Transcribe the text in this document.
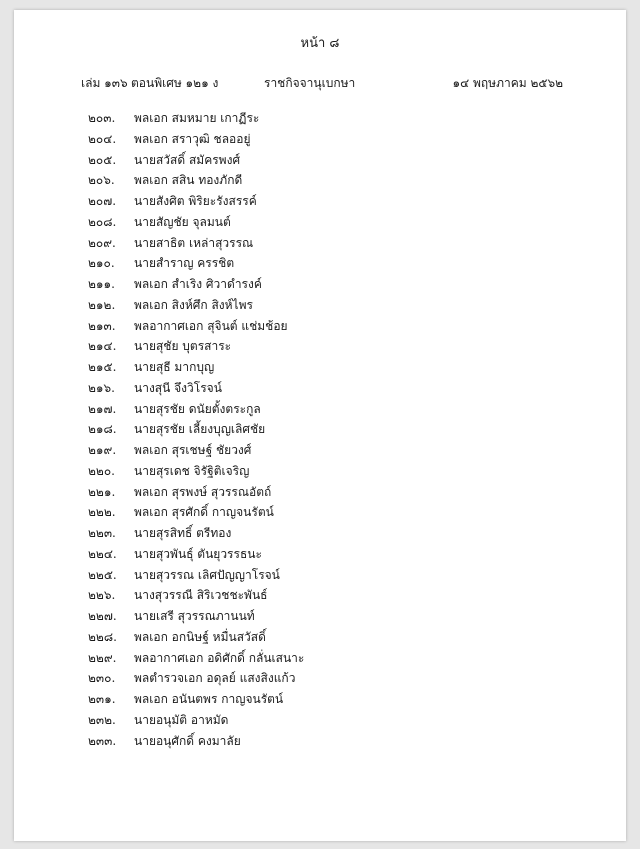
หน้า ๘
เล่ม ๑๓๖ ตอนพิเศษ ๑๒๑ ง	ราชกิจจานุเบกษา	๑๔ พฤษภาคม ๒๕๖๒
๒๐๓. พลเอก สมหมาย เกาฏีระ
๒๐๔. พลเอก สราวุฒิ ชลออยู่
๒๐๕. นายสวัสดิ์ สมัครพงศ์
๒๐๖. พลเอก สสิน ทองภักดี
๒๐๗. นายสังศิต พิริยะรังสรรค์
๒๐๘. นายสัญชัย จุลมนต์
๒๐๙. นายสาธิต เหล่าสุวรรณ
๒๑๐. นายสำราญ ครรชิต
๒๑๑. พลเอก สำเริง ศิวาดำรงค์
๒๑๒. พลเอก สิงห์ศึก สิงห์ไพร
๒๑๓. พลอากาศเอก สุจินต์ แช่มช้อย
๒๑๔. นายสุชัย บุตรสาระ
๒๑๕. นายสุธี มากบุญ
๒๑๖. นางสุนี จึงวิโรจน์
๒๑๗. นายสุรชัย ดนัยตั้งตระกูล
๒๑๘. นายสุรชัย เลี้ยงบุญเลิศชัย
๒๑๙. พลเอก สุรเชษฐ์ ชัยวงศ์
๒๒๐. นายสุรเดช จิรัฐิติเจริญ
๒๒๑. พลเอก สุรพงษ์ สุวรรณอัตถ์
๒๒๒. พลเอก สุรศักดิ์ กาญจนรัตน์
๒๒๓. นายสุรสิทธิ์ ตรีทอง
๒๒๔. นายสุวพันธุ์ ตันยุวรรธนะ
๒๒๕. นายสุวรรณ เลิศปัญญาโรจน์
๒๒๖. นางสุวรรณี สิริเวชชะพันธ์
๒๒๗. นายเสรี สุวรรณภานนท์
๒๒๘. พลเอก อกนิษฐ์ หมื่นสวัสดิ์
๒๒๙. พลอากาศเอก อดิศักดิ์ กลั่นเสนาะ
๒๓๐. พลตำรวจเอก อดุลย์ แสงสิงแก้ว
๒๓๑. พลเอก อนันตพร กาญจนรัตน์
๒๓๒. นายอนุมัติ อาหมัด
๒๓๓. นายอนุศักดิ์ คงมาลัย
